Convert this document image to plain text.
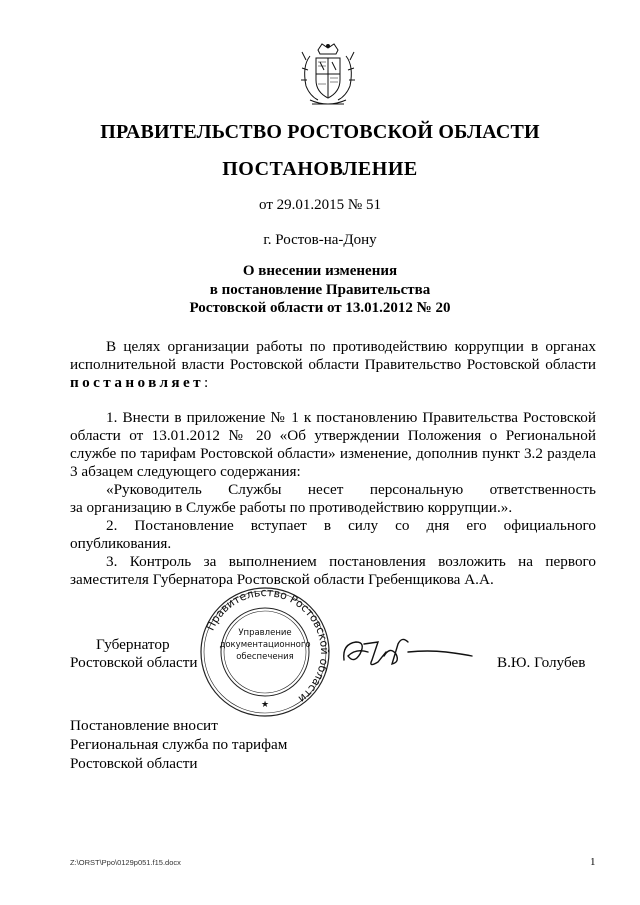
ПРАВИТЕЛЬСТВО РОСТОВСКОЙ ОБЛАСТИ
ПОСТАНОВЛЕНИЕ
от 29.01.2015 № 51
г. Ростов-на-Дону
О внесении изменения
в постановление Правительства
Ростовской области от 13.01.2012 № 20
В целях организации работы по противодействию коррупции в органах
исполнительной власти Ростовской области Правительство Ростовской области
постановляет:
1. Внести в приложение № 1 к постановлению Правительства Ростовской
области от 13.01.2012 № 20 «Об утверждении Положения о Региональной
службе по тарифам Ростовской области» изменение, дополнив пункт 3.2 раздела
3 абзацем следующего содержания:
«Руководитель Службы несет персональную ответственность
за организацию в Службе работы по противодействию коррупции.».
2. Постановление вступает в силу со дня его официального
опубликования.
3. Контроль за выполнением постановления возложить на первого
заместителя Губернатора Ростовской области Гребенщикова А.А.
Губернатор
Ростовской области
Правительство Ростовской области
★
Управление
документационного
обеспечения	В.Ю. Голубев
Постановление вносит
Региональная служба по тарифам
Ростовской области
Z:\ORST\Ppo\0129p051.f15.docx	1
